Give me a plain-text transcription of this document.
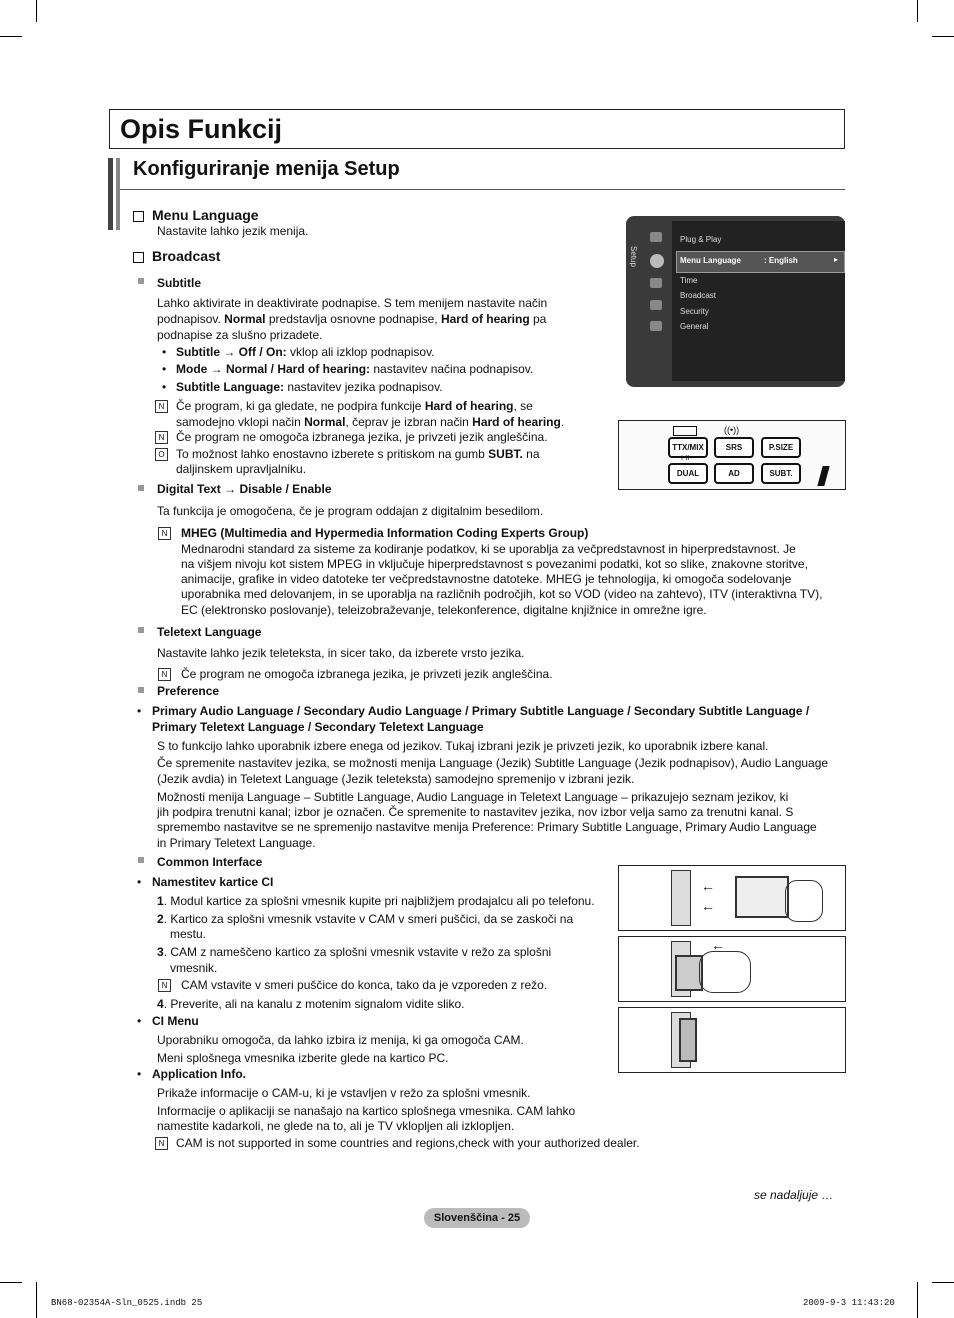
Opis Funkcij
Konfiguriranje menija Setup
Menu Language
Nastavite lahko jezik menija.
Broadcast
Subtitle
Lahko aktivirate in deaktivirate podnapise. S tem menijem nastavite način
podnapisov. Normal predstavlja osnovne podnapise, Hard of hearing pa
podnapise za slušno prizadete.
• Subtitle → Off / On: vklop ali izklop podnapisov.
• Mode → Normal / Hard of hearing: nastavitev načina podnapisov.
• Subtitle Language: nastavitev jezika podnapisov.
N Če program, ki ga gledate, ne podpira funkcije Hard of hearing, se
samodejno vklopi način Normal, čeprav je izbran način Hard of hearing.
N Če program ne omogoča izbranega jezika, je privzeti jezik angleščina.
O To možnost lahko enostavno izberete s pritiskom na gumb SUBT. na
daljinskem upravljalniku.
Digital Text → Disable / Enable
Ta funkcija je omogočena, če je program oddajan z digitalnim besedilom.
N	MHEG (Multimedia and Hypermedia Information Coding Experts Group)
Mednarodni standard za sisteme za kodiranje podatkov, ki se uporablja za večpredstavnost in hiperpredstavnost. Je
na višjem nivoju kot sistem MPEG in vključuje hiperpredstavnost s povezanimi podatki, kot so slike, znakovne storitve,
animacije, grafike in video datoteke ter večpredstavnostne datoteke. MHEG je tehnologija, ki omogoča sodelovanje
uporabnika med delovanjem, in se uporablja na različnih področjih, kot so VOD (video na zahtevo), ITV (interaktivna TV),
EC (elektronsko poslovanje), teleizobraževanje, telekonference, digitalne knjižnice in omrežne igre.
Teletext Language
Nastavite lahko jezik teleteksta, in sicer tako, da izberete vrsto jezika.
N	Če program ne omogoča izbranega jezika, je privzeti jezik angleščina.
Preference
• Primary Audio Language / Secondary Audio Language / Primary Subtitle Language / Secondary Subtitle Language /
Primary Teletext Language / Secondary Teletext Language
S to funkcijo lahko uporabnik izbere enega od jezikov. Tukaj izbrani jezik je privzeti jezik, ko uporabnik izbere kanal.
Če spremenite nastavitev jezika, se možnosti menija Language (Jezik) Subtitle Language (Jezik podnapisov), Audio Language
(Jezik avdia) in Teletext Language (Jezik teleteksta) samodejno spremenijo v izbrani jezik.
Možnosti menija Language – Subtitle Language, Audio Language in Teletext Language – prikazujejo seznam jezikov, ki
jih podpira trenutni kanal; izbor je označen. Če spremenite to nastavitev jezika, nov izbor velja samo za trenutni kanal. S
spremembo nastavitve se ne spremenijo nastavitve menija Preference: Primary Subtitle Language, Primary Audio Language
in Primary Teletext Language.
Common Interface
• Namestitev kartice CI
1. Modul kartice za splošni vmesnik kupite pri najbližjem prodajalcu ali po telefonu.
2. Kartico za splošni vmesnik vstavite v CAM v smeri puščici, da se zaskoči na
mestu.
3. CAM z nameščeno kartico za splošni vmesnik vstavite v režo za splošni
vmesnik.
N	CAM vstavite v smeri puščice do konca, tako da je vzporeden z režo.
4. Preverite, ali na kanalu z motenim signalom vidite sliko.
• CI Menu
Uporabniku omogoča, da lahko izbira iz menija, ki ga omogoča CAM.
Meni splošnega vmesnika izberite glede na kartico PC.
• Application Info.
Prikaže informacije o CAM-u, ki je vstavljen v režo za splošni vmesnik.
Informacije o aplikaciji se nanašajo na kartico splošnega vmesnika. CAM lahko
namestite kadarkoli, ne glede na to, ali je TV vklopljen ali izklopljen.
N CAM is not supported in some countries and regions,check with your authorized dealer.
Setup
Plug & Play
Menu Language	: English	▸
Time
Broadcast
Security
General
((•))
TTX/MIX	SRS	P.SIZE
I-II
DUAL	AD	SUBT.
←
←
←
se nadaljuje …
Slovenščina - 25
BN68-02354A-Sln_0525.indb 25	2009-9-3 11:43:20
